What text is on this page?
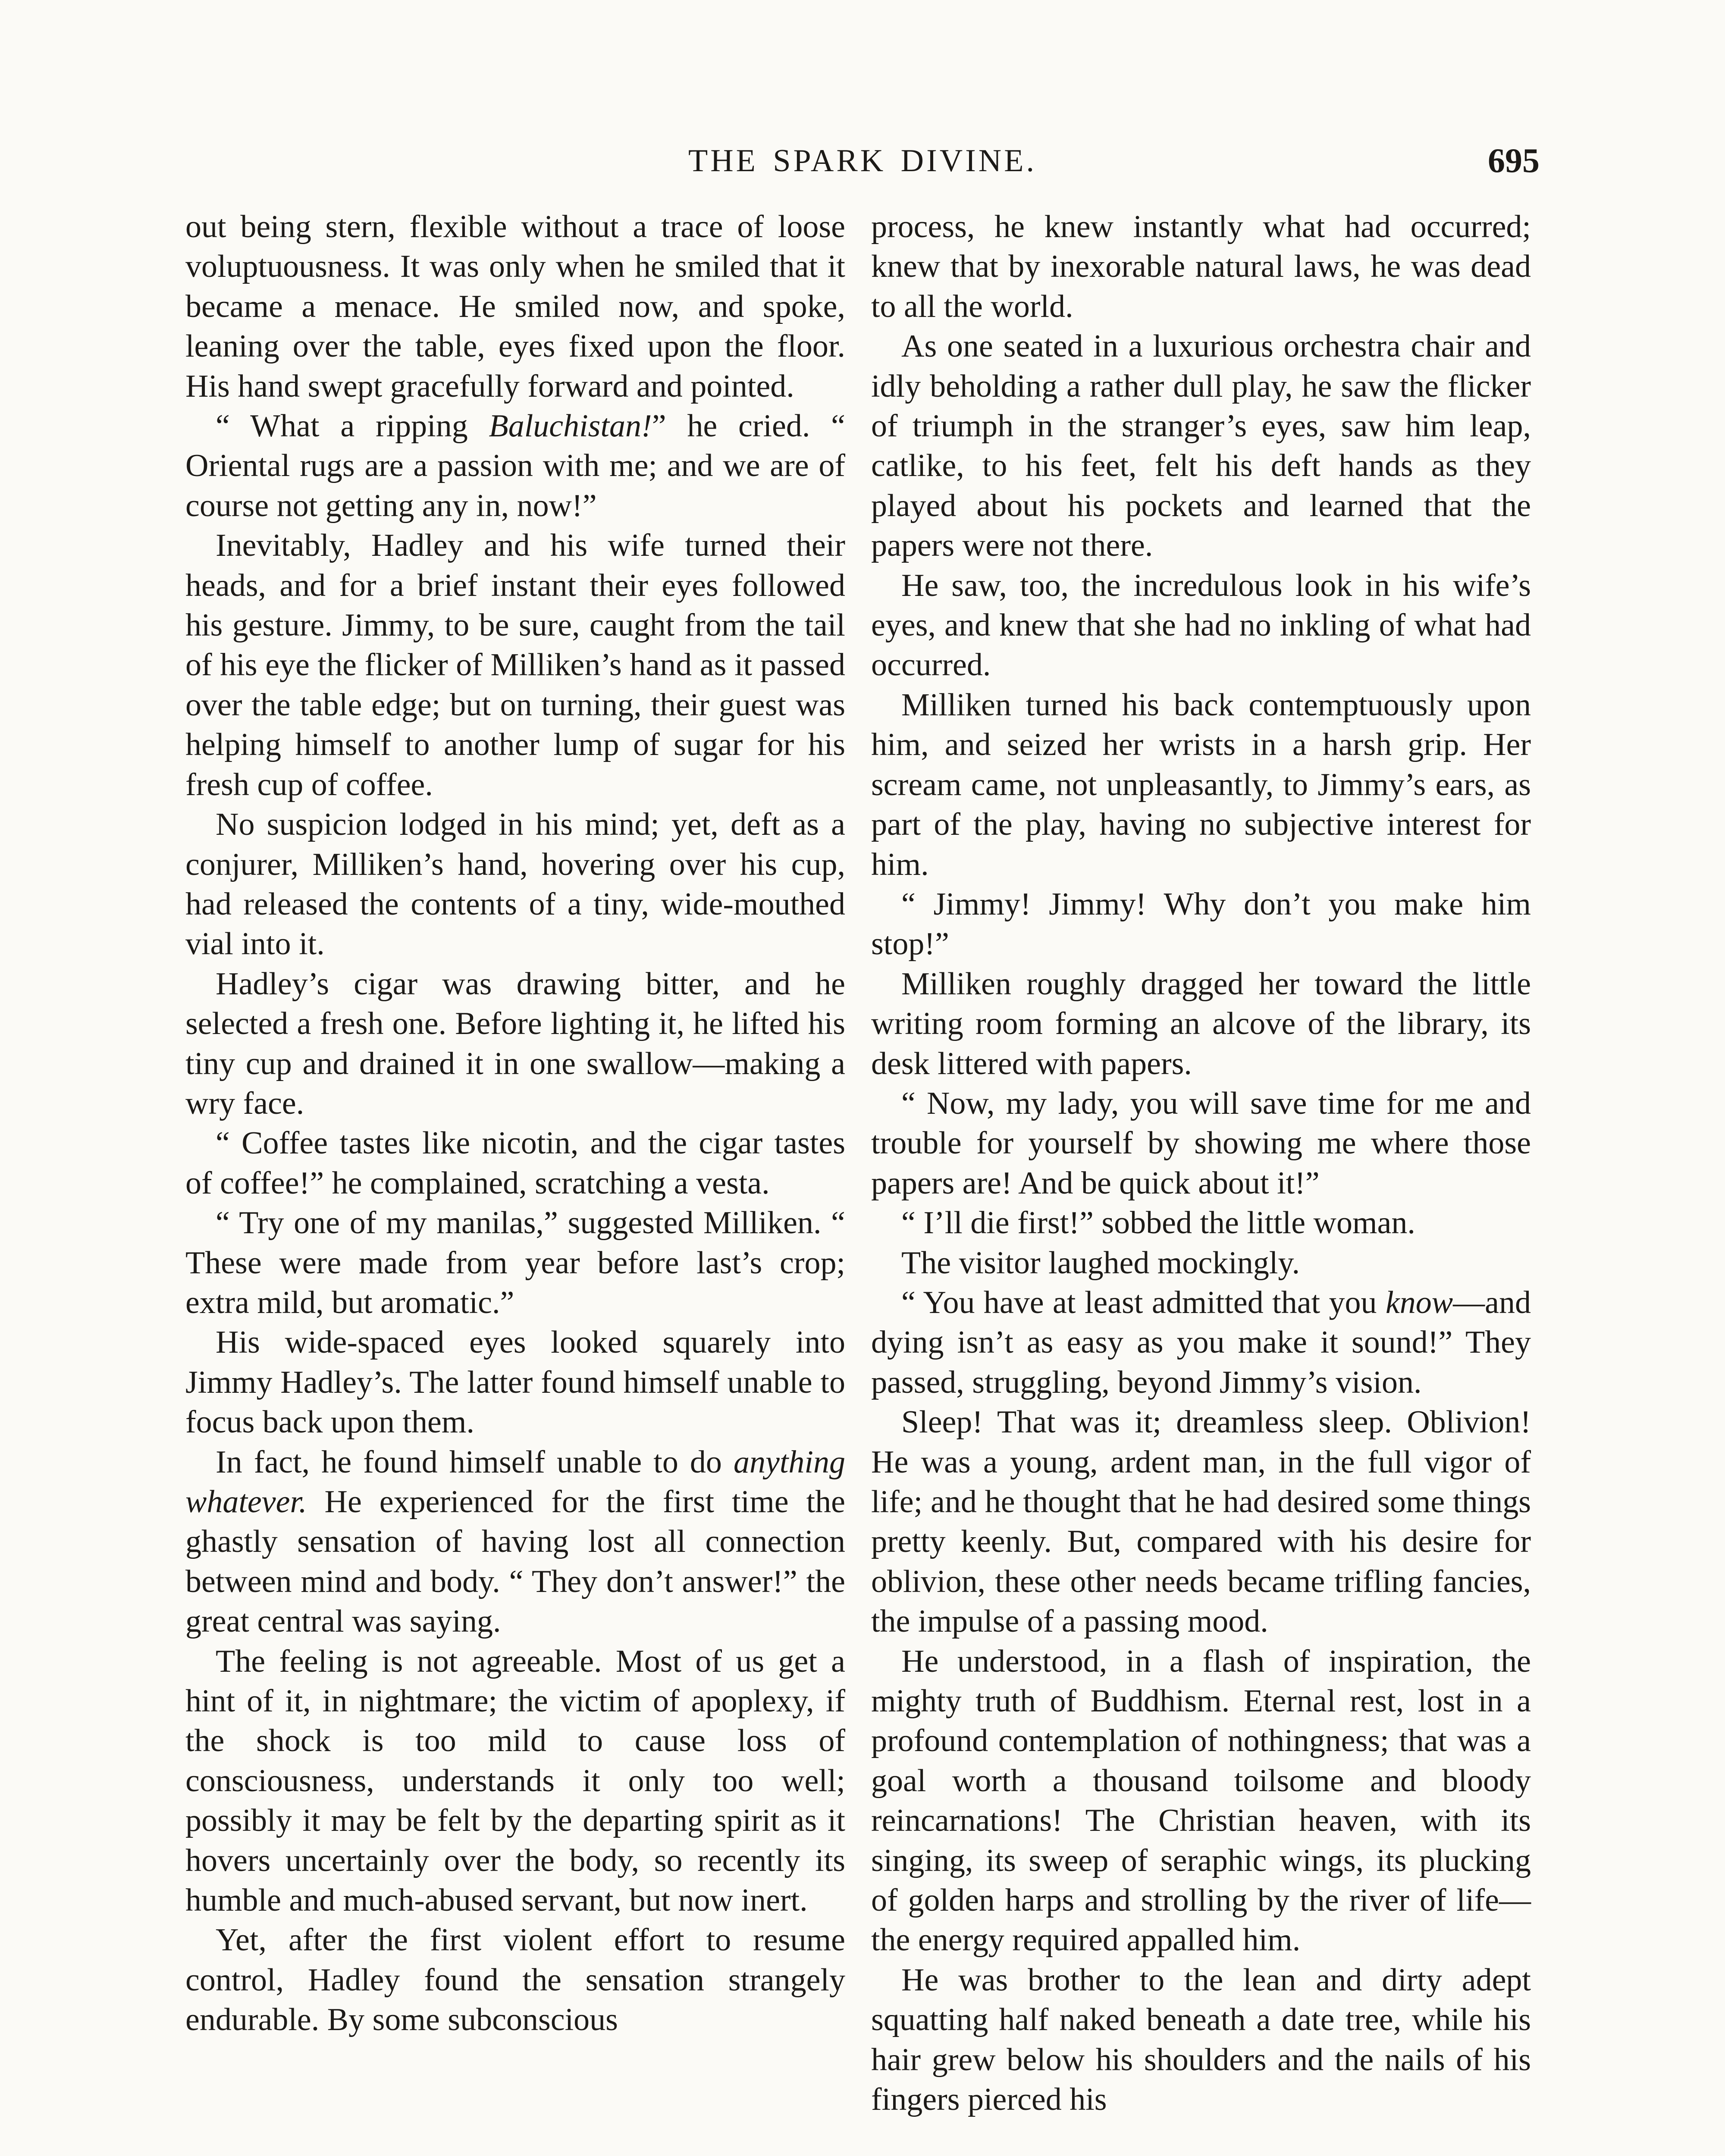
THE SPARK DIVINE.	695

out being stern, flexible without a trace of loose voluptuousness. It was only when he smiled that it became a menace. He smiled now, and spoke, leaning over the table, eyes fixed upon the floor. His hand swept gracefully forward and pointed.

“ What a ripping Baluchistan!” he cried. “ Oriental rugs are a passion with me; and we are of course not getting any in, now!”

Inevitably, Hadley and his wife turned their heads, and for a brief instant their eyes followed his gesture. Jimmy, to be sure, caught from the tail of his eye the flicker of Milliken’s hand as it passed over the table edge; but on turning, their guest was helping himself to another lump of sugar for his fresh cup of coffee.

No suspicion lodged in his mind; yet, deft as a conjurer, Milliken’s hand, hovering over his cup, had released the contents of a tiny, wide-mouthed vial into it.

Hadley’s cigar was drawing bitter, and he selected a fresh one. Before lighting it, he lifted his tiny cup and drained it in one swallow—making a wry face.

“ Coffee tastes like nicotin, and the cigar tastes of coffee!” he complained, scratching a vesta.

“ Try one of my manilas,” suggested Milliken. “ These were made from year before last’s crop; extra mild, but aromatic.”

His wide-spaced eyes looked squarely into Jimmy Hadley’s. The latter found himself unable to focus back upon them.

In fact, he found himself unable to do anything whatever. He experienced for the first time the ghastly sensation of having lost all connection between mind and body. “ They don’t answer!” the great central was saying.

The feeling is not agreeable. Most of us get a hint of it, in nightmare; the victim of apoplexy, if the shock is too mild to cause loss of consciousness, understands it only too well; possibly it may be felt by the departing spirit as it hovers uncertainly over the body, so recently its humble and much-abused servant, but now inert.

Yet, after the first violent effort to resume control, Hadley found the sensation strangely endurable. By some subconscious

process, he knew instantly what had occurred; knew that by inexorable natural laws, he was dead to all the world.

As one seated in a luxurious orchestra chair and idly beholding a rather dull play, he saw the flicker of triumph in the stranger’s eyes, saw him leap, catlike, to his feet, felt his deft hands as they played about his pockets and learned that the papers were not there.

He saw, too, the incredulous look in his wife’s eyes, and knew that she had no inkling of what had occurred.

Milliken turned his back contemptuously upon him, and seized her wrists in a harsh grip. Her scream came, not unpleasantly, to Jimmy’s ears, as part of the play, having no subjective interest for him.

“ Jimmy! Jimmy! Why don’t you make him stop!”

Milliken roughly dragged her toward the little writing room forming an alcove of the library, its desk littered with papers.

“ Now, my lady, you will save time for me and trouble for yourself by showing me where those papers are! And be quick about it!”

“ I’ll die first!” sobbed the little woman.

The visitor laughed mockingly.

“ You have at least admitted that you know—and dying isn’t as easy as you make it sound!” They passed, struggling, beyond Jimmy’s vision.

Sleep! That was it; dreamless sleep. Oblivion! He was a young, ardent man, in the full vigor of life; and he thought that he had desired some things pretty keenly. But, compared with his desire for oblivion, these other needs became trifling fancies, the impulse of a passing mood.

He understood, in a flash of inspiration, the mighty truth of Buddhism. Eternal rest, lost in a profound contemplation of nothingness; that was a goal worth a thousand toilsome and bloody reincarnations! The Christian heaven, with its singing, its sweep of seraphic wings, its plucking of golden harps and strolling by the river of life—the energy required appalled him.

He was brother to the lean and dirty adept squatting half naked beneath a date tree, while his hair grew below his shoulders and the nails of his fingers pierced his
